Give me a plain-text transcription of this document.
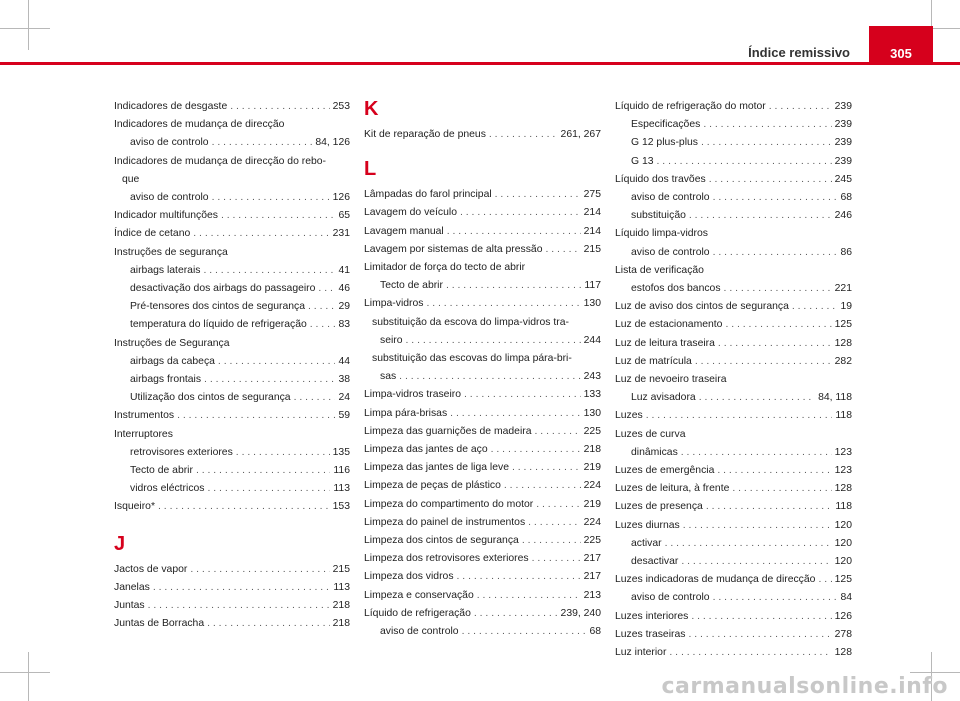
Índice remissivo	305
Indicadores de desgaste . . .	253
Indicadores de mudança de direcção
aviso de controlo . . .	84, 126
Indicadores de mudança de direcção do rebo-
que
aviso de controlo . . .	126
Indicador multifunções . . .	65
Índice de cetano . . .	231
Instruções de segurança
airbags laterais . . .	41
desactivação dos airbags do passageiro . . . 46
Pré-tensores dos cintos de segurança . . .	29
temperatura do líquido de refrigeração . . .	83
Instruções de Segurança
airbags da cabeça . . .	44
airbags frontais . . .	38
Utilização dos cintos de segurança . . .	24
Instrumentos . . .	59
Interruptores
retrovisores exteriores . . .	135
Tecto de abrir . . .	116
vidros eléctricos . . .	113
Isqueiro* . . .	153
J
Jactos de vapor . . .	215
Janelas . . .	113
Juntas . . .	218
Juntas de Borracha . . .	218
K
Kit de reparação de pneus . . .	261, 267
L
Lâmpadas do farol principal . . .	275
Lavagem do veículo . . .	214
Lavagem manual . . .	214
Lavagem por sistemas de alta pressão . . .	215
Limitador de força do tecto de abrir
Tecto de abrir . . .	117
Limpa-vidros . . .	130
substituição da escova do limpa-vidros tra-
seiro . . .	244
substituição das escovas do limpa pára-bri-
sas . . .	243
Limpa-vidros traseiro . . .	133
Limpa pára-brisas . . .	130
Limpeza das guarnições de madeira . . .	225
Limpeza das jantes de aço . . .	218
Limpeza das jantes de liga leve . . .	219
Limpeza de peças de plástico . . .	224
Limpeza do compartimento do motor . . .	219
Limpeza do painel de instrumentos . . .	224
Limpeza dos cintos de segurança . . .	225
Limpeza dos retrovisores exteriores . . .	217
Limpeza dos vidros . . .	217
Limpeza e conservação . . .	213
Líquido de refrigeração . . .	239, 240
aviso de controlo . . .	68
Líquido de refrigeração do motor . . .	239
Especificações . . .	239
G 12 plus-plus . . .	239
G 13 . . .	239
Líquido dos travões . . .	245
aviso de controlo . . .	68
substituição . . .	246
Líquido limpa-vidros
aviso de controlo . . .	86
Lista de verificação
estofos dos bancos . . .	221
Luz de aviso dos cintos de segurança . . .	19
Luz de estacionamento . . .	125
Luz de leitura traseira . . .	128
Luz de matrícula . . .	282
Luz de nevoeiro traseira
Luz avisadora . . .	84, 118
Luzes . . .	118
Luzes de curva
dinâmicas . . .	123
Luzes de emergência . . .	123
Luzes de leitura, à frente . . .	128
Luzes de presença . . .	118
Luzes diurnas . . .	120
activar . . .	120
desactivar . . .	120
Luzes indicadoras de mudança de direcção . . . 125
aviso de controlo . . .	84
Luzes interiores . . .	126
Luzes traseiras . . .	278
Luz interior . . .	128
carmanualsonline.info
